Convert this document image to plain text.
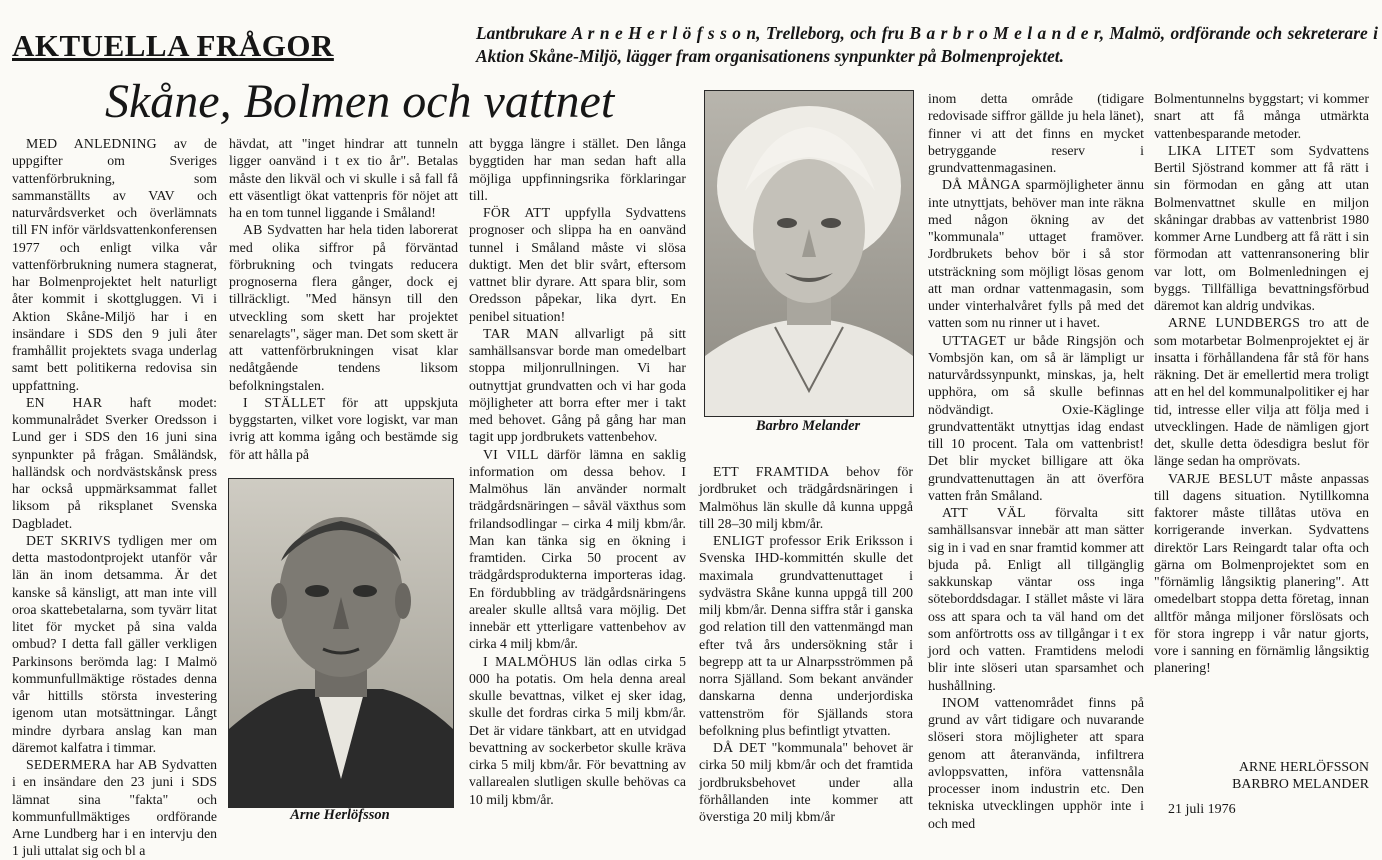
AKTUELLA FRÅGOR	Lantbrukare A r n e H e r l ö f s s o n, Trelleborg, och fru B a r b r o M e l a n d e r, Malmö, ordförande och sekreterare i Aktion Skåne-Miljö, lägger fram organisationens synpunkter på Bolmenprojektet.
Skåne, Bolmen och vattnet

MED ANLEDNING av de uppgifter om Sveriges vattenförbrukning, som sammanställts av VAV och naturvårdsverket och överlämnats till FN inför världsvattenkonferensen 1977 och enligt vilka vår vattenförbrukning numera stagnerat, har Bolmenprojektet helt naturligt åter kommit i skottgluggen. Vi i Aktion Skåne-Miljö har i en insändare i SDS den 9 juli åter framhållit projektets svaga underlag samt bett politikerna redovisa sin uppfattning.

EN HAR haft modet: kommunalrådet Sverker Oredsson i Lund ger i SDS den 16 juni sina synpunkter på frågan. Småländsk, halländsk och nordvästskånsk press har också uppmärksammat fallet liksom på riksplanet Svenska Dagbladet.

DET SKRIVS tydligen mer om detta mastodontprojekt utanför vår län än inom detsamma. Är det kanske så känsligt, att man inte vill oroa skattebetalarna, som tyvärr litat litet för mycket på sina valda ombud? I detta fall gäller verkligen Parkinsons berömda lag: I Malmö kommunfullmäktige röstades denna vår hittills största investering igenom utan motsättningar. Långt mindre dyrbara anslag kan man däremot kalfatra i timmar.

SEDERMERA har AB Sydvatten i en insändare den 23 juni i SDS lämnat sina "fakta" och kommunfullmäktiges ordförande Arne Lundberg har i en intervju den 1 juli uttalat sig och bl a

hävdat, att "inget hindrar att tunneln ligger oanvänd i t ex tio år". Betalas måste den likväl och vi skulle i så fall få ett väsentligt ökat vattenpris för nöjet att ha en tom tunnel liggande i Småland!

AB Sydvatten har hela tiden laborerat med olika siffror på förväntad förbrukning och tvingats reducera prognoserna flera gånger, dock ej tillräckligt. "Med hänsyn till den utveckling som skett har projektet senarelagts", säger man. Det som skett är att vattenförbrukningen visat klar nedåtgående tendens liksom befolkningstalen.

I STÄLLET för att uppskjuta byggstarten, vilket vore logiskt, var man ivrig att komma igång och bestämde sig för att hålla på

att bygga längre i stället. Den långa byggtiden har man sedan haft alla möjliga uppfinningsrika förklaringar till.

FÖR ATT uppfylla Sydvattens prognoser och slippa ha en oanvänd tunnel i Småland måste vi slösa duktigt. Men det blir svårt, eftersom vattnet blir dyrare. Att spara blir, som Oredsson påpekar, lika dyrt. En penibel situation!

TAR MAN allvarligt på sitt samhällsansvar borde man omedelbart stoppa miljonrullningen. Vi har outnyttjat grundvatten och vi har goda möjligheter att borra efter mer i takt med behovet. Gång på gång har man tagit upp jordbrukets vattenbehov.

VI VILL därför lämna en saklig information om dessa behov. I Malmöhus län använder normalt trädgårdsnäringen – såväl växthus som frilandsodlingar – cirka 4 milj kbm/år. Man kan tänka sig en ökning i framtiden. Cirka 50 procent av trädgårdsprodukterna importeras idag. En fördubbling av trädgårdsnäringens arealer skulle alltså vara möjlig. Det innebär ett ytterligare vattenbehov av cirka 4 milj kbm/år.

I MALMÖHUS län odlas cirka 5 000 ha potatis. Om hela denna areal skulle bevattnas, vilket ej sker idag, skulle det fordras cirka 5 milj kbm/år. Det är vidare tänkbart, att en utvidgad bevattning av sockerbetor skulle kräva cirka 5 milj kbm/år. För bevattning av vallarealen slutligen skulle behövas ca 10 milj kbm/år.

ETT FRAMTIDA behov för jordbruket och trädgårdsnäringen i Malmöhus län skulle då kunna uppgå till 28–30 milj kbm/år.

ENLIGT professor Erik Eriksson i Svenska IHD-kommittén skulle det maximala grundvattenuttaget i sydvästra Skåne kunna uppgå till 200 milj kbm/år. Denna siffra står i ganska god relation till den vattenmängd man efter två års undersökning står i begrepp att ta ur Alnarpsströmmen på norra Själland. Som bekant använder danskarna denna underjordiska vattenström för Själlands stora befolkning plus befintligt ytvatten.

DÅ DET "kommunala" behovet är cirka 50 milj kbm/år och det framtida jordbruksbehovet under alla förhållanden inte kommer att överstiga 20 milj kbm/år

inom detta område (tidigare redovisade siffror gällde ju hela länet), finner vi att det finns en mycket betryggande reserv i grundvattenmagasinen.

DÅ MÅNGA sparmöjligheter ännu inte utnyttjats, behöver man inte räkna med någon ökning av det "kommunala" uttaget framöver. Jordbrukets behov bör i så stor utsträckning som möjligt lösas genom att man ordnar vattenmagasin, som under vinterhalvåret fylls på med det vatten som nu rinner ut i havet.

UTTAGET ur både Ringsjön och Vombsjön kan, om så är lämpligt ur naturvårdssynpunkt, minskas, ja, helt upphöra, om så skulle befinnas nödvändigt. Oxie-Käglinge grundvattentäkt utnyttjas idag endast till 10 procent. Tala om vattenbrist! Det blir mycket billigare att öka grundvattenuttagen än att överföra vatten från Småland.

ATT VÄL förvalta sitt samhällsansvar innebär att man sätter sig in i vad en snar framtid kommer att bjuda på. Enligt all tillgänglig sakkunskap väntar oss inga söteborddsdagar. I stället måste vi lära oss att spara och ta väl hand om det som anförtrotts oss av tillgångar i t ex jord och vatten. Framtidens melodi blir inte slöseri utan sparsamhet och hushållning.

INOM vattenområdet finns på grund av vårt tidigare och nuvarande slöseri stora möjligheter att spara genom att återanvända, infiltrera avloppsvatten, införa vattensnåla processer inom industrin etc. Den tekniska utvecklingen upphör inte i och med

Bolmentunnelns byggstart; vi kommer snart att få många utmärkta vattenbesparande metoder.

LIKA LITET som Sydvattens Bertil Sjöstrand kommer att få rätt i sin förmodan en gång att utan Bolmenvattnet skulle en miljon skåningar drabbas av vattenbrist 1980 kommer Arne Lundberg att få rätt i sin förmodan att vattenransonering blir var lott, om Bolmenledningen ej byggs. Tillfälliga bevattningsförbud däremot kan aldrig undvikas.

ARNE LUNDBERGS tro att de som motarbetar Bolmenprojektet ej är insatta i förhållandena får stå för hans räkning. Det är emellertid mera troligt att en hel del kommunalpolitiker ej har tid, intresse eller vilja att följa med i utvecklingen. Hade de nämligen gjort det, skulle detta ödesdigra beslut för länge sedan ha omprövats.

VARJE BESLUT måste anpassas till dagens situation. Nytillkomna faktorer måste tillåtas utöva en korrigerande inverkan. Sydvattens direktör Lars Reingardt talar ofta och gärna om Bolmenprojektet som en "förnämlig långsiktig planering". Att omedelbart stoppa detta företag, innan alltför många miljoner förslösats och för stora ingrepp i vår natur gjorts, vore i sanning en förnämlig långsiktig planering!

ARNE HERLÖFSSON

BARBRO MELANDER

21 juli 1976
Arne Herlöfsson
Barbro Melander
